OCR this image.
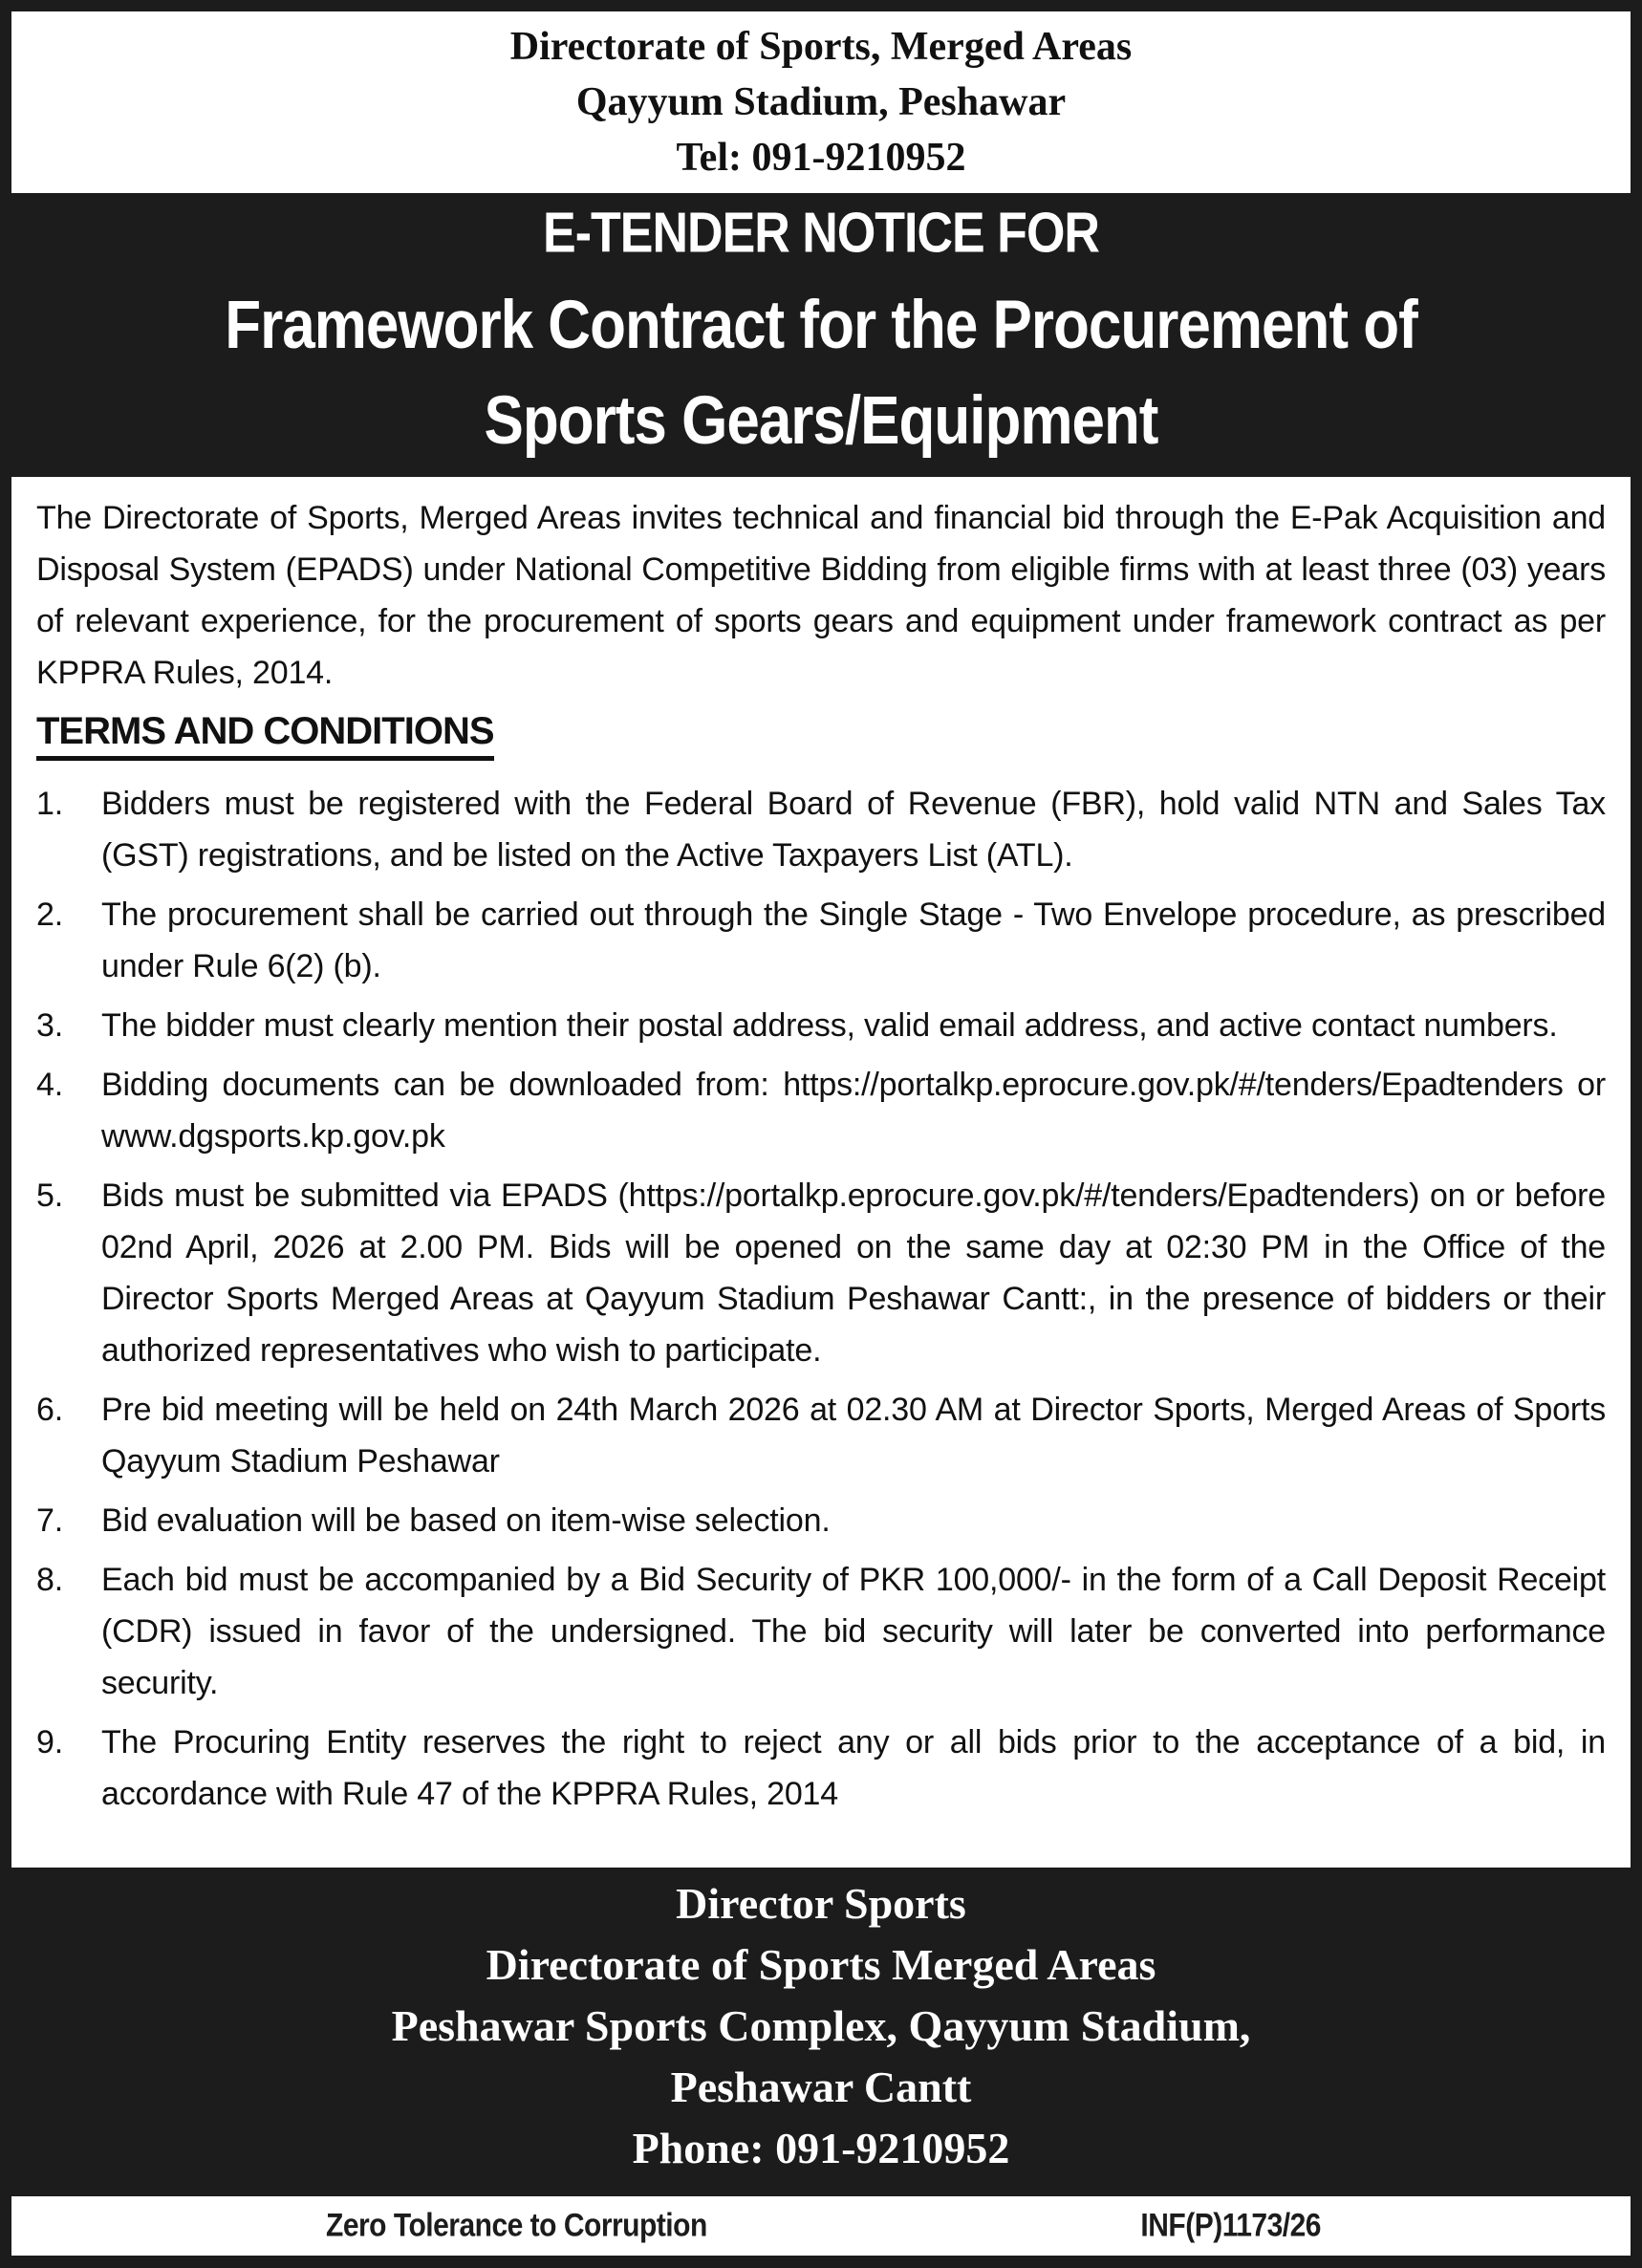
Directorate of Sports, Merged Areas
Qayyum Stadium, Peshawar
Tel: 091-9210952
E-TENDER NOTICE FOR
Framework Contract for the Procurement of
Sports Gears/Equipment

The Directorate of Sports, Merged Areas invites technical and financial bid through the E-Pak Acquisition and Disposal System (EPADS) under National Competitive Bidding from eligible firms with at least three (03) years of relevant experience, for the procurement of sports gears and equipment under framework contract as per KPPRA Rules, 2014.

TERMS AND CONDITIONS
1.	Bidders must be registered with the Federal Board of Revenue (FBR), hold valid NTN and Sales Tax (GST) registrations, and be listed on the Active Taxpayers List (ATL).
2.	The procurement shall be carried out through the Single Stage - Two Envelope procedure, as prescribed under Rule 6(2) (b).
3.	The bidder must clearly mention their postal address, valid email address, and active contact numbers.
4.	Bidding documents can be downloaded from: https://portalkp.eprocure.gov.pk/#/tenders/Epadtenders or www.dgsports.kp.gov.pk
5.	Bids must be submitted via EPADS (https://portalkp.eprocure.gov.pk/#/tenders/Epadtenders) on or before 02nd April, 2026 at 2.00 PM. Bids will be opened on the same day at 02:30 PM in the Office of the Director Sports Merged Areas at Qayyum Stadium Peshawar Cantt:, in the presence of bidders or their authorized representatives who wish to participate.
6.	Pre bid meeting will be held on 24th March 2026 at 02.30 AM at Director Sports, Merged Areas of Sports Qayyum Stadium Peshawar
7.	Bid evaluation will be based on item-wise selection.
8.	Each bid must be accompanied by a Bid Security of PKR 100,000/- in the form of a Call Deposit Receipt (CDR) issued in favor of the undersigned. The bid security will later be converted into performance security.
9.	The Procuring Entity reserves the right to reject any or all bids prior to the acceptance of a bid, in accordance with Rule 47 of the KPPRA Rules, 2014
Director Sports
Directorate of Sports Merged Areas
Peshawar Sports Complex, Qayyum Stadium,
Peshawar Cantt
Phone: 091-9210952
Zero Tolerance to Corruption	INF(P)1173/26
